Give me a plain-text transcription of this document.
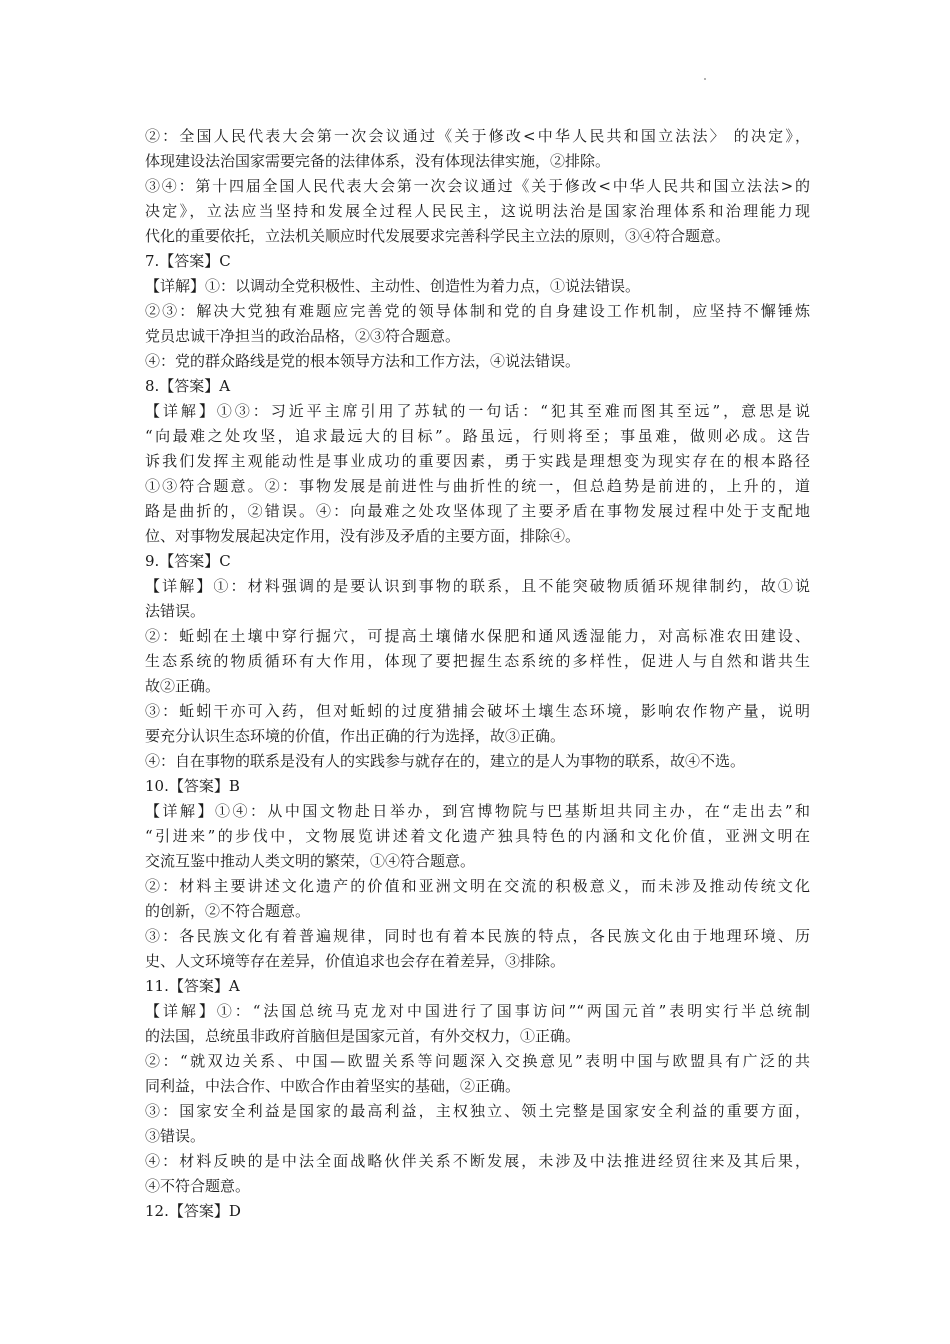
②：全国人民代表大会第一次会议通过《关于修改<中华人民共和国立法法〉 的决定》，
体现建设法治国家需要完备的法律体系，没有体现法律实施，②排除。
③④：第十四届全国人民代表大会第一次会议通过《关于修改<中华人民共和国立法法>的
决定》，立法应当坚持和发展全过程人民民主，这说明法治是国家治理体系和治理能力现
代化的重要依托，立法机关顺应时代发展要求完善科学民主立法的原则，③④符合题意。
7.【答案】C
【详解】①：以调动全党积极性、主动性、创造性为着力点，①说法错误。
②③：解决大党独有难题应完善党的领导体制和党的自身建设工作机制，应坚持不懈锤炼
党员忠诚干净担当的政治品格，②③符合题意。
④：党的群众路线是党的根本领导方法和工作方法，④说法错误。
8.【答案】A
【详解】①③：习近平主席引用了苏轼的一句话：“犯其至难而图其至远”，意思是说
“向最难之处攻坚，追求最远大的目标”。路虽远，行则将至；事虽难，做则必成。这告
诉我们发挥主观能动性是事业成功的重要因素，勇于实践是理想变为现实存在的根本路径
①③符合题意。②：事物发展是前进性与曲折性的统一，但总趋势是前进的，上升的，道
路是曲折的，②错误。④：向最难之处攻坚体现了主要矛盾在事物发展过程中处于支配地
位、对事物发展起决定作用，没有涉及矛盾的主要方面，排除④。
9.【答案】C
【详解】①：材料强调的是要认识到事物的联系，且不能突破物质循环规律制约，故①说
法错误。
②：蚯蚓在土壤中穿行掘穴，可提高土壤储水保肥和通风透湿能力，对高标准农田建设、
生态系统的物质循环有大作用，体现了要把握生态系统的多样性，促进人与自然和谐共生
故②正确。
③：蚯蚓干亦可入药，但对蚯蚓的过度猎捕会破坏土壤生态环境，影响农作物产量，说明
要充分认识生态环境的价值，作出正确的行为选择，故③正确。
④：自在事物的联系是没有人的实践参与就存在的，建立的是人为事物的联系，故④不选。
10.【答案】B
【详解】①④：从中国文物赴日举办，到宫博物院与巴基斯坦共同主办，在“走出去”和
“引进来”的步伐中，文物展览讲述着文化遗产独具特色的内涵和文化价值，亚洲文明在
交流互鉴中推动人类文明的繁荣，①④符合题意。
②：材料主要讲述文化遗产的价值和亚洲文明在交流的积极意义，而未涉及推动传统文化
的创新，②不符合题意。
③：各民族文化有着普遍规律，同时也有着本民族的特点，各民族文化由于地理环境、历
史、人文环境等存在差异，价值追求也会存在着差异，③排除。
11.【答案】A
【详解】①：“法国总统马克龙对中国进行了国事访问”“两国元首”表明实行半总统制
的法国，总统虽非政府首脑但是国家元首，有外交权力，①正确。
②：“就双边关系、中国—欧盟关系等问题深入交换意见”表明中国与欧盟具有广泛的共
同利益，中法合作、中欧合作由着坚实的基础，②正确。
③：国家安全利益是国家的最高利益，主权独立、领土完整是国家安全利益的重要方面，
③错误。
④：材料反映的是中法全面战略伙伴关系不断发展，未涉及中法推进经贸往来及其后果，
④不符合题意。
12.【答案】D
